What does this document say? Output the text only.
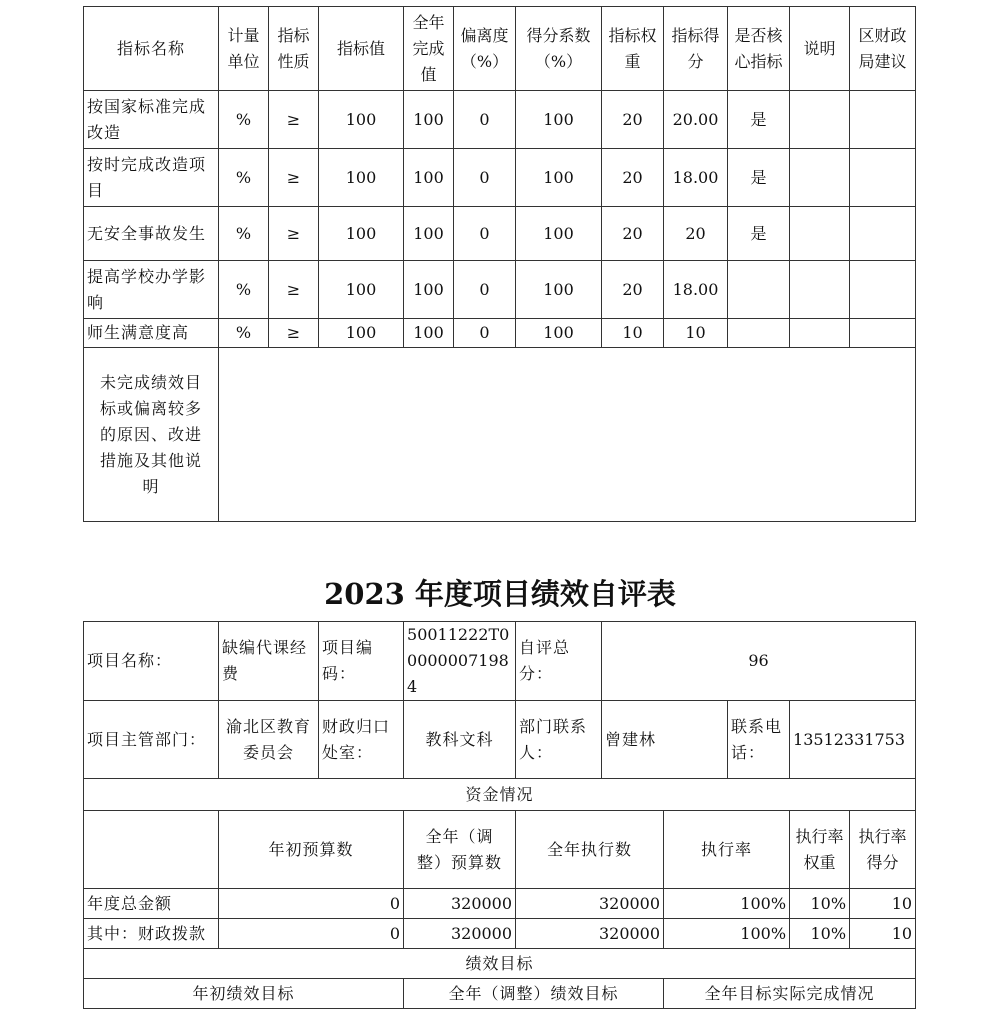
指标名称	计量单位	指标性质	指标值	全年完成值	偏离度（%）	得分系数（%）	指标权重	指标得分	是否核心指标	说明	区财政局建议
按国家标准完成改造	%	≥	100	100	0	100	20	20.00	是		
按时完成改造项目	%	≥	100	100	0	100	20	18.00	是		
无安全事故发生	%	≥	100	100	0	100	20	20	是		
提高学校办学影响	%	≥	100	100	0	100	20	18.00			
师生满意度高	%	≥	100	100	0	100	10	10			
未完成绩效目标或偏离较多的原因、改进措施及其他说明											
2023 年度项目绩效自评表
项目名称：	缺编代课经费	项目编码：	50011222T000000071984	自评总分：	96				
项目主管部门：	渝北区教育委员会	财政归口处室：	教科文科	部门联系人：	曾建林		联系电话：	13512331753	
资金情况									
	年初预算数		全年（调整）预算数	全年执行数		执行率		执行率权重	执行率得分
年度总金额	0		320000	320000		100%		10%	10
其中：财政拨款	0		320000	320000		100%		10%	10
绩效目标									
年初绩效目标			全年（调整）绩效目标			全年目标实际完成情况			
